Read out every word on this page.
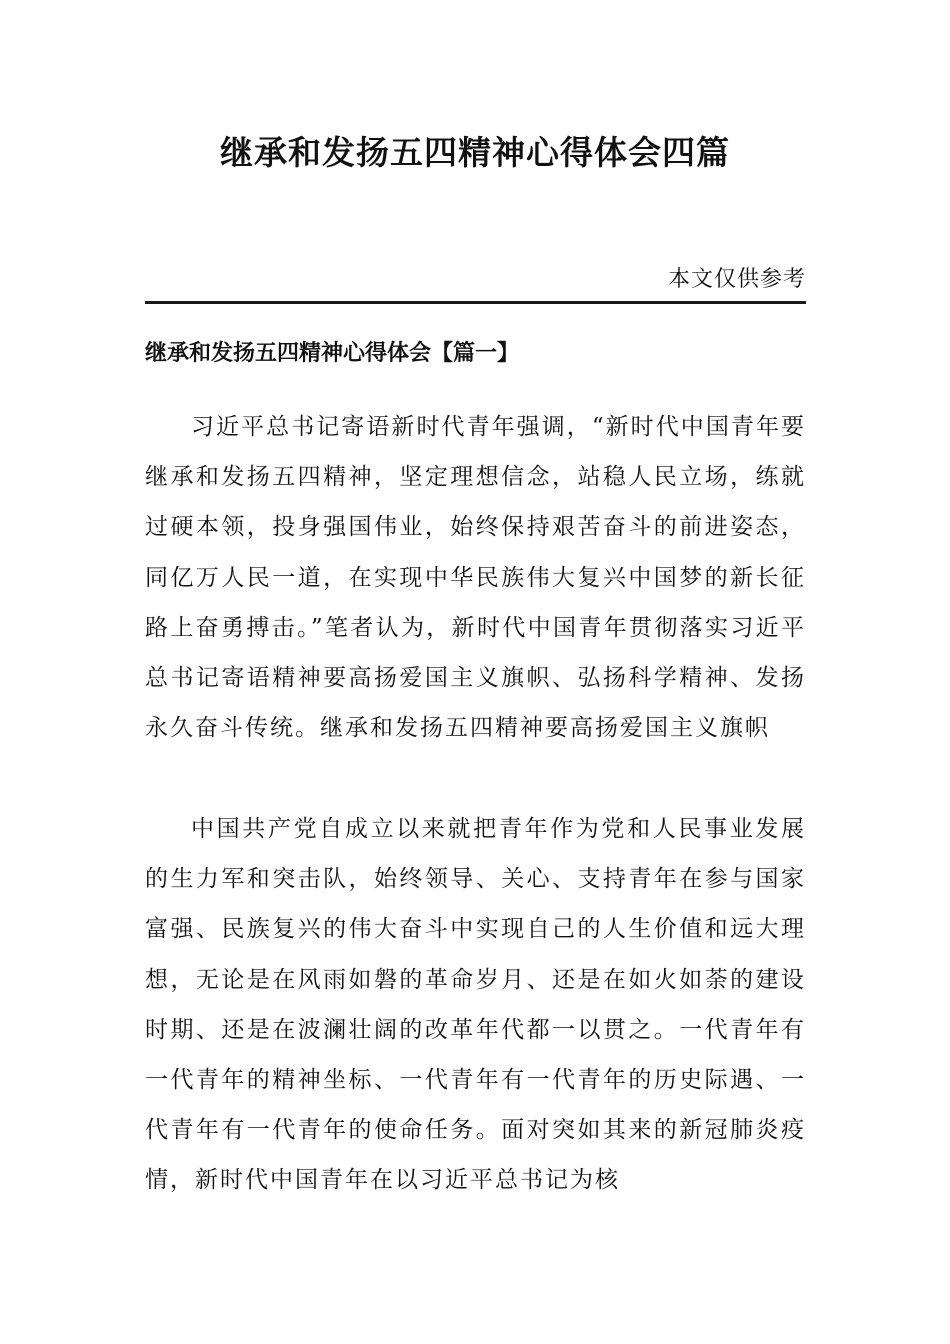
继承和发扬五四精神心得体会四篇
本文仅供参考
继承和发扬五四精神心得体会【篇一】

习近平总书记寄语新时代青年强调，“新时代中国青年要继承和发扬五四精神，坚定理想信念，站稳人民立场，练就过硬本领，投身强国伟业，始终保持艰苦奋斗的前进姿态，同亿万人民一道，在实现中华民族伟大复兴中国梦的新长征路上奋勇搏击。”笔者认为，新时代中国青年贯彻落实习近平总书记寄语精神要高扬爱国主义旗帜、弘扬科学精神、发扬永久奋斗传统。继承和发扬五四精神要高扬爱国主义旗帜

中国共产党自成立以来就把青年作为党和人民事业发展的生力军和突击队，始终领导、关心、支持青年在参与国家富强、民族复兴的伟大奋斗中实现自己的人生价值和远大理想，无论是在风雨如磐的革命岁月、还是在如火如荼的建设时期、还是在波澜壮阔的改革年代都一以贯之。一代青年有一代青年的精神坐标、一代青年有一代青年的历史际遇、一代青年有一代青年的使命任务。面对突如其来的新冠肺炎疫情，新时代中国青年在以习近平总书记为核
